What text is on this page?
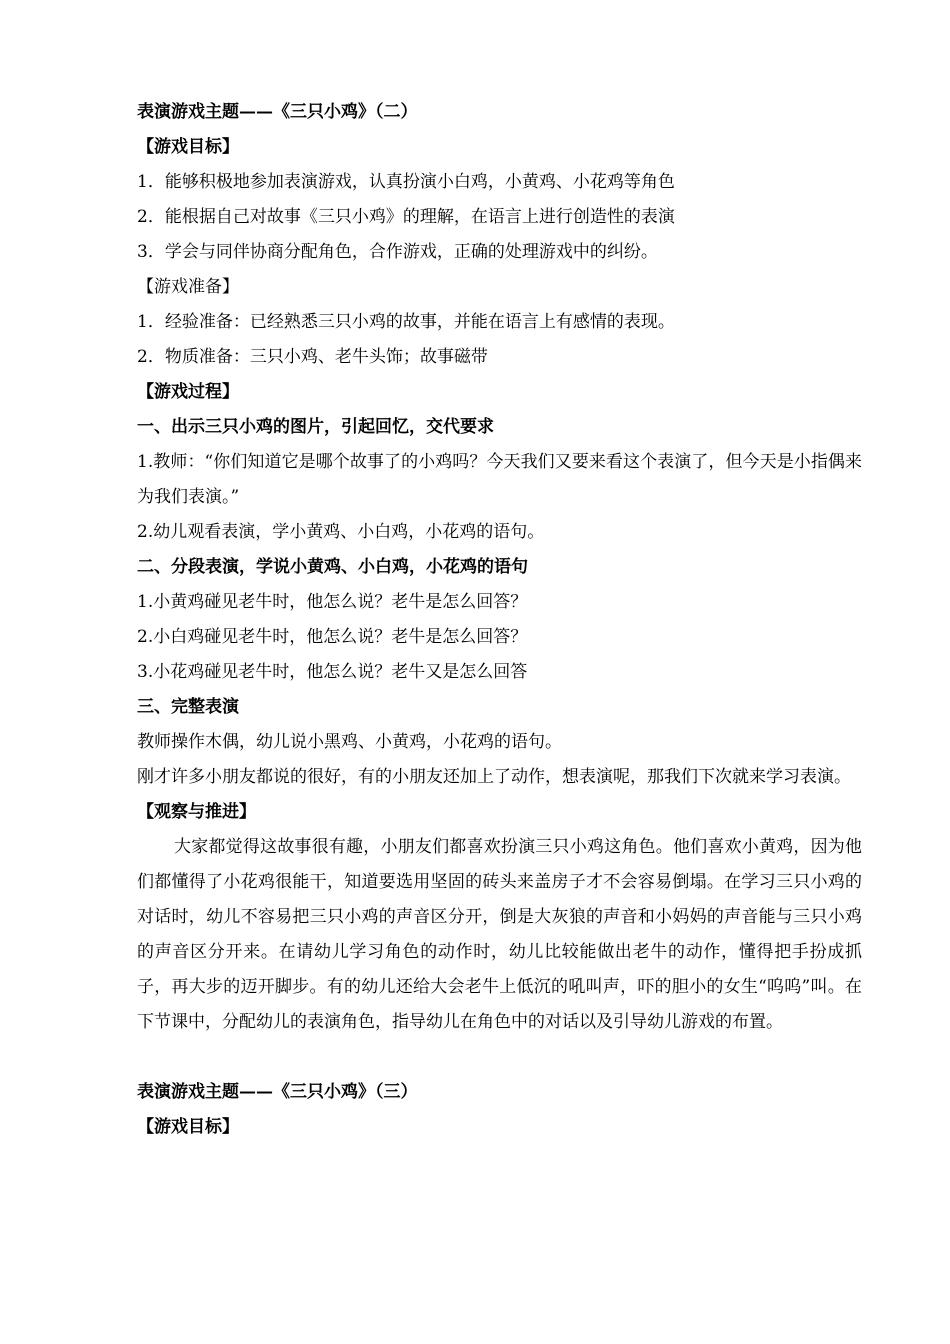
表演游戏主题——《三只小鸡》（二）
【游戏目标】
1．能够积极地参加表演游戏，认真扮演小白鸡，小黄鸡、小花鸡等角色
2．能根据自己对故事《三只小鸡》的理解，在语言上进行创造性的表演
3．学会与同伴协商分配角色，合作游戏，正确的处理游戏中的纠纷。
【游戏准备】
1．经验准备：已经熟悉三只小鸡的故事，并能在语言上有感情的表现。
2．物质准备：三只小鸡、老牛头饰；故事磁带
【游戏过程】
一、出示三只小鸡的图片，引起回忆，交代要求
1.教师：“你们知道它是哪个故事了的小鸡吗？今天我们又要来看这个表演了，但今天是小指偶来为我们表演。”
2.幼儿观看表演，学小黄鸡、小白鸡，小花鸡的语句。
二、分段表演，学说小黄鸡、小白鸡，小花鸡的语句
1.小黄鸡碰见老牛时，他怎么说？老牛是怎么回答？
2.小白鸡碰见老牛时，他怎么说？老牛是怎么回答？
3.小花鸡碰见老牛时，他怎么说？老牛又是怎么回答
三、完整表演
教师操作木偶，幼儿说小黑鸡、小黄鸡，小花鸡的语句。
刚才许多小朋友都说的很好，有的小朋友还加上了动作，想表演呢，那我们下次就来学习表演。
【观察与推进】
大家都觉得这故事很有趣，小朋友们都喜欢扮演三只小鸡这角色。他们喜欢小黄鸡，因为他们都懂得了小花鸡很能干，知道要选用坚固的砖头来盖房子才不会容易倒塌。在学习三只小鸡的对话时，幼儿不容易把三只小鸡的声音区分开，倒是大灰狼的声音和小妈妈的声音能与三只小鸡的声音区分开来。在请幼儿学习角色的动作时，幼儿比较能做出老牛的动作，懂得把手扮成抓子，再大步的迈开脚步。有的幼儿还给大会老牛上低沉的吼叫声，吓的胆小的女生“呜呜”叫。在下节课中，分配幼儿的表演角色，指导幼儿在角色中的对话以及引导幼儿游戏的布置。
表演游戏主题——《三只小鸡》（三）
【游戏目标】
